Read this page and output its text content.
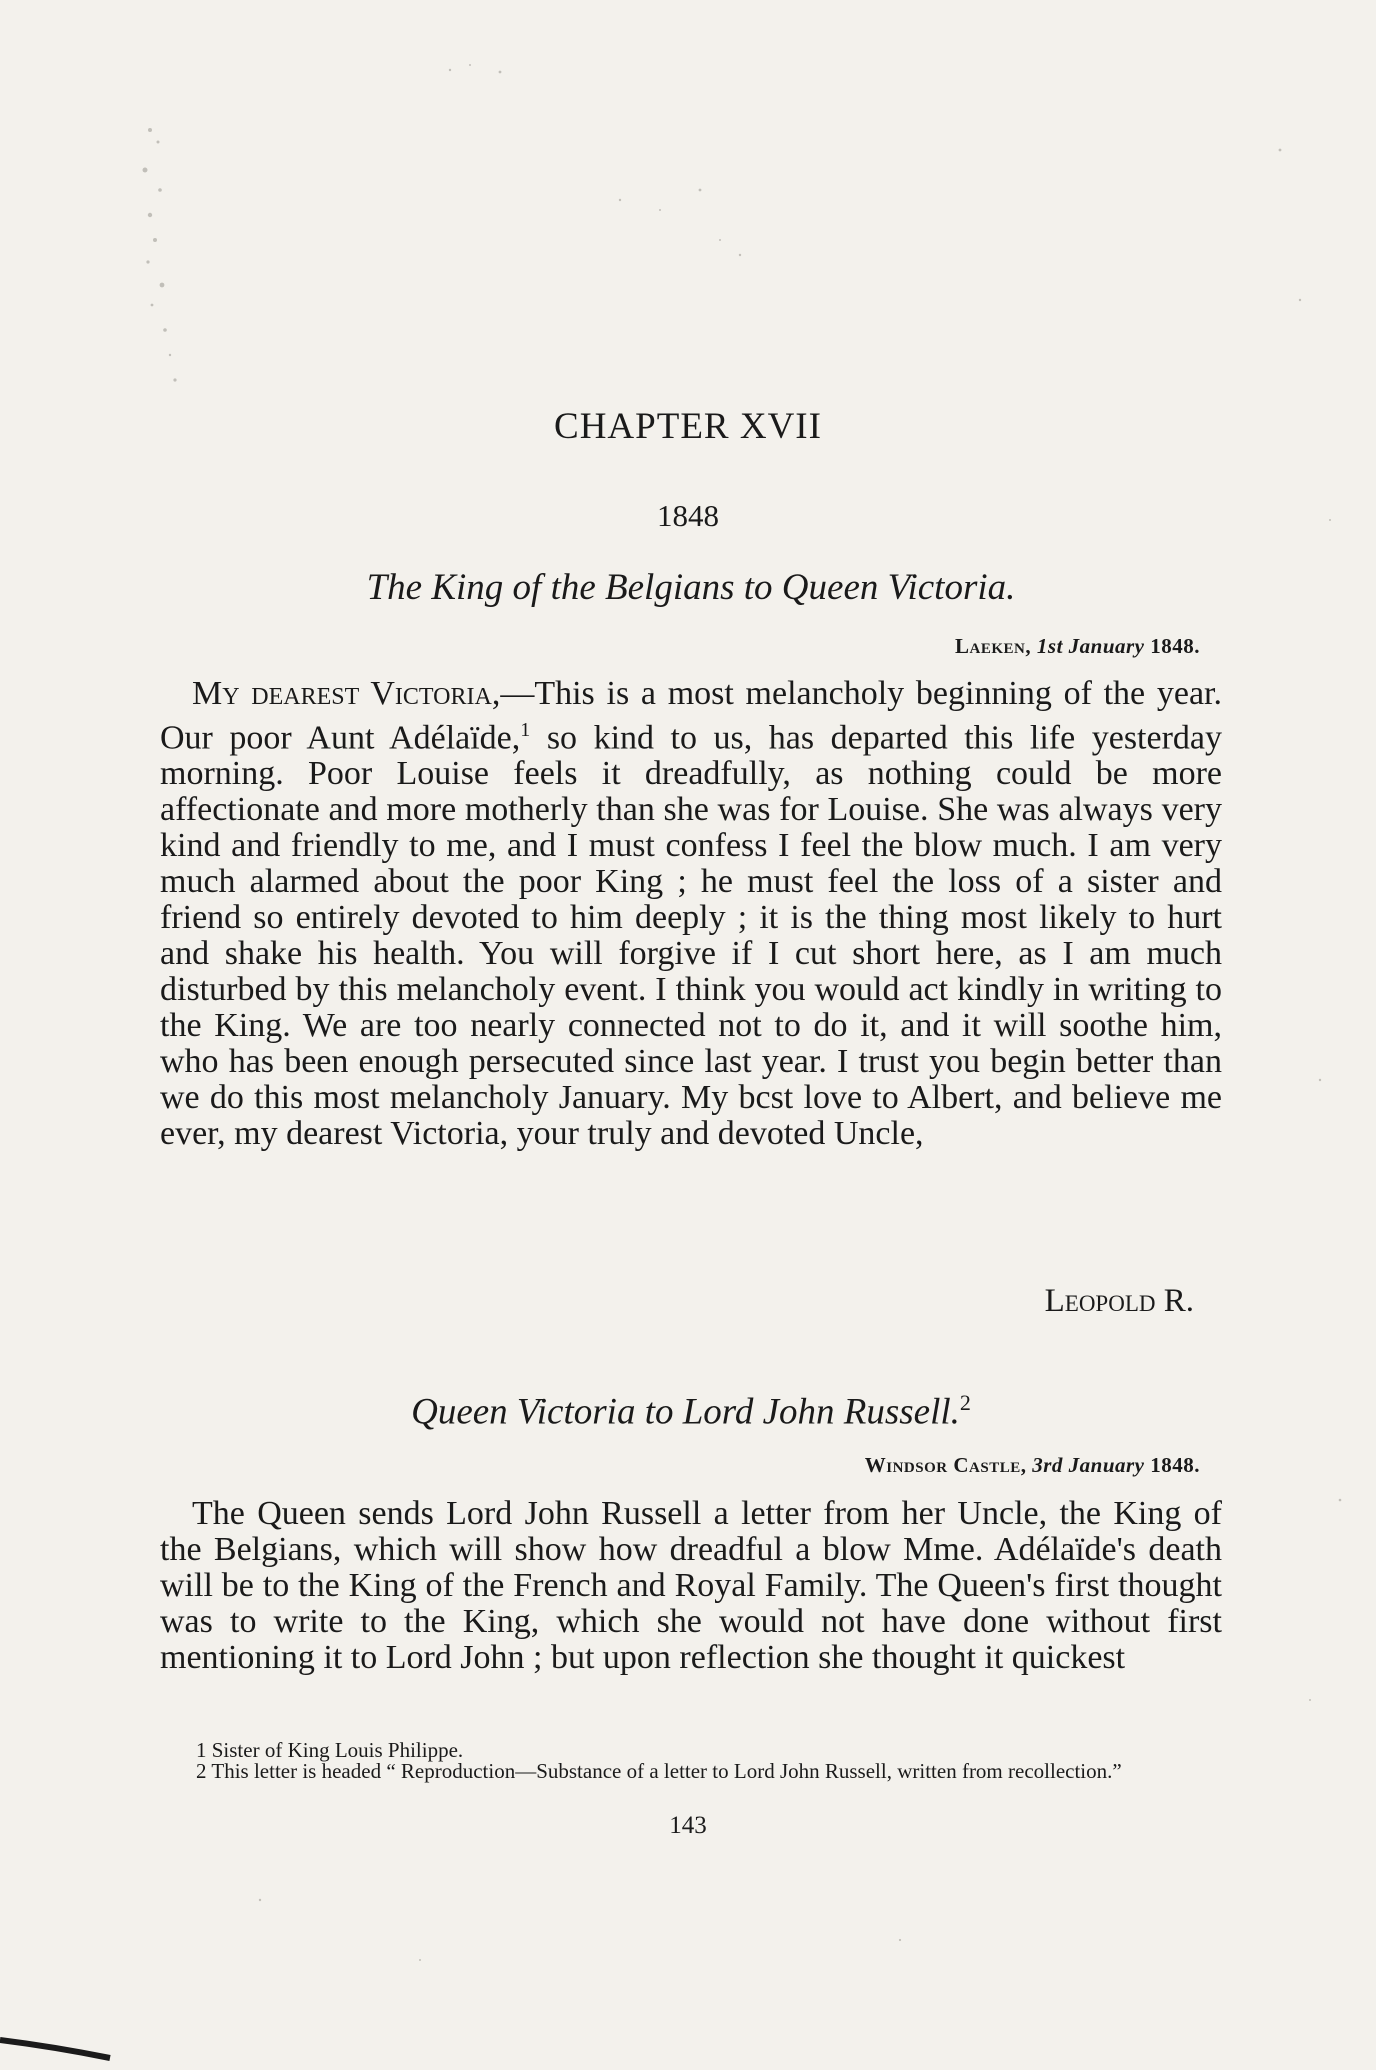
CHAPTER XVII
1848
The King of the Belgians to Queen Victoria.
Laeken, 1st January 1848.

My dearest Victoria,—This is a most melancholy beginning of the year. Our poor Aunt Adélaïde,$^1$ so kind to us, has departed this life yesterday morning. Poor Louise feels it dreadfully, as nothing could be more affectionate and more motherly than she was for Louise. She was always very kind and friendly to me, and I must confess I feel the blow much. I am very much alarmed about the poor King ; he must feel the loss of a sister and friend so entirely devoted to him deeply ; it is the thing most likely to hurt and shake his health. You will forgive if I cut short here, as I am much disturbed by this melancholy event. I think you would act kindly in writing to the King. We are too nearly connected not to do it, and it will soothe him, who has been enough persecuted since last year. I trust you begin better than we do this most melancholy January. My bcst love to Albert, and believe me ever, my dearest Victoria, your truly and devoted Uncle,

Leopold R.
Queen Victoria to Lord John Russell.$^2$
Windsor Castle, 3rd January 1848.

The Queen sends Lord John Russell a letter from her Uncle, the King of the Belgians, which will show how dreadful a blow Mme. Adélaïde's death will be to the King of the French and Royal Family. The Queen's first thought was to write to the King, which she would not have done without first mentioning it to Lord John ; but upon reflection she thought it quickest

1 Sister of King Louis Philippe.

2 This letter is headed “ Reproduction—Substance of a letter to Lord John Russell, written from recollection.”

143
